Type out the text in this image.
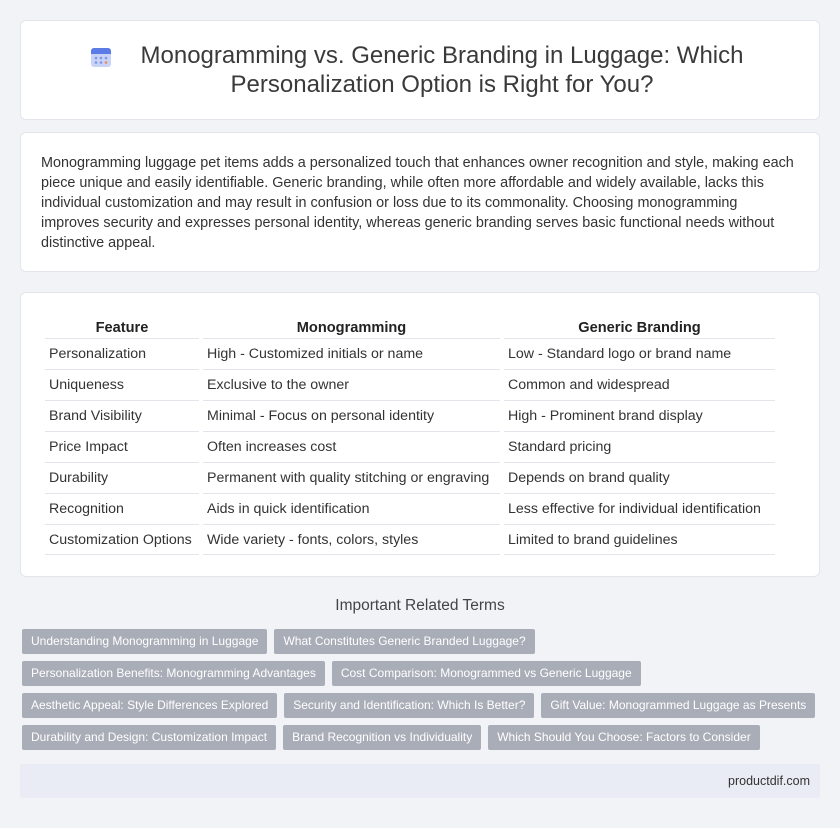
Monogramming vs. Generic Branding in Luggage: Which Personalization Option is Right for You?

Monogramming luggage pet items adds a personalized touch that enhances owner recognition and style, making each piece unique and easily identifiable. Generic branding, while often more affordable and widely available, lacks this individual customization and may result in confusion or loss due to its commonality. Choosing monogramming improves security and expresses personal identity, whereas generic branding serves basic functional needs without distinctive appeal.

Feature	Monogramming	Generic Branding
Personalization	High - Customized initials or name	Low - Standard logo or brand name
Uniqueness	Exclusive to the owner	Common and widespread
Brand Visibility	Minimal - Focus on personal identity	High - Prominent brand display
Price Impact	Often increases cost	Standard pricing
Durability	Permanent with quality stitching or engraving	Depends on brand quality
Recognition	Aids in quick identification	Less effective for individual identification
Customization Options	Wide variety - fonts, colors, styles	Limited to brand guidelines
Important Related Terms
Understanding Monogramming in Luggage	What Constitutes Generic Branded Luggage?
Personalization Benefits: Monogramming Advantages	Cost Comparison: Monogrammed vs Generic Luggage
Aesthetic Appeal: Style Differences Explored	Security and Identification: Which Is Better?	Gift Value: Monogrammed Luggage as Presents
Durability and Design: Customization Impact	Brand Recognition vs Individuality	Which Should You Choose: Factors to Consider
productdif.com
